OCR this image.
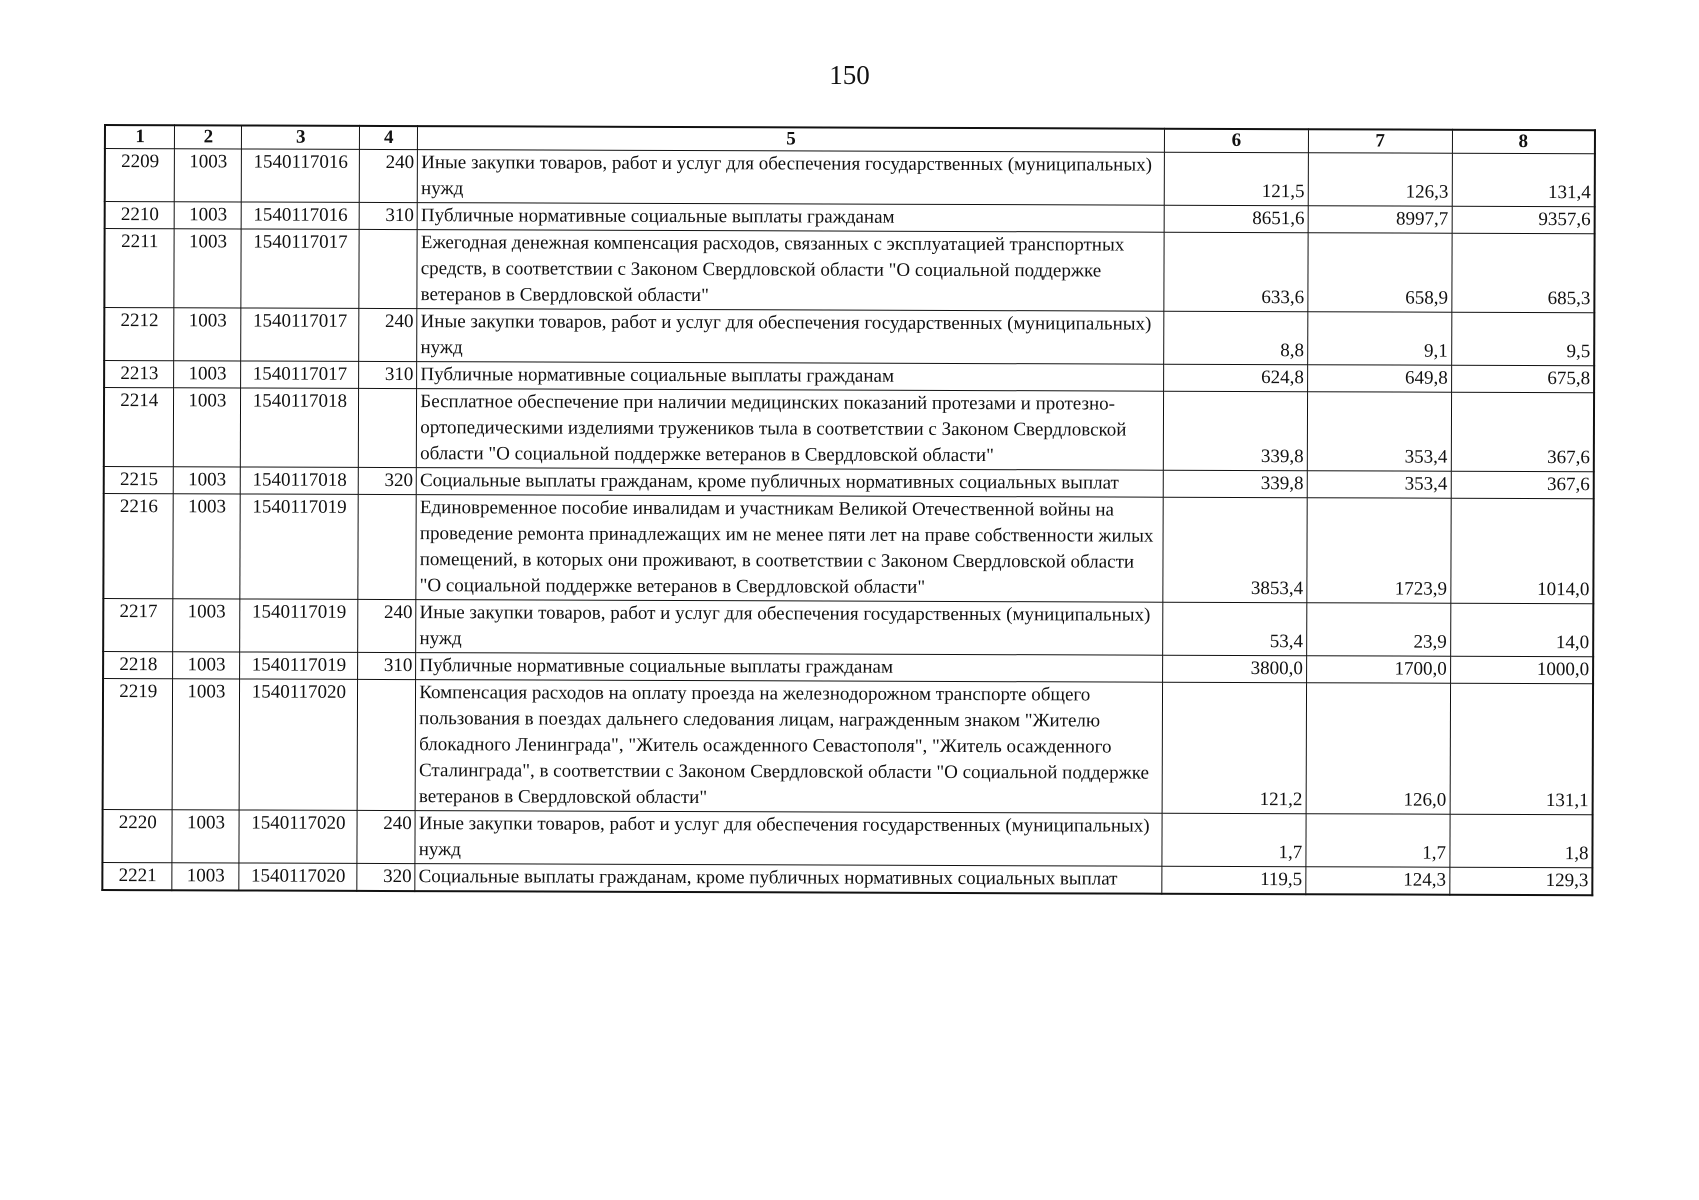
150
1	2	3	4	5	6	7	8
2209	1003	1540117016	240	Иные закупки товаров, работ и услуг для обеспечения государственных (муниципальных) нужд	121,5	126,3	131,4
2210	1003	1540117016	310	Публичные нормативные социальные выплаты гражданам	8651,6	8997,7	9357,6
2211	1003	1540117017		Ежегодная денежная компенсация расходов, связанных с эксплуатацией транспортных средств, в соответствии с Законом Свердловской области "О социальной поддержке ветеранов в Свердловской области"	633,6	658,9	685,3
2212	1003	1540117017	240	Иные закупки товаров, работ и услуг для обеспечения государственных (муниципальных) нужд	8,8	9,1	9,5
2213	1003	1540117017	310	Публичные нормативные социальные выплаты гражданам	624,8	649,8	675,8
2214	1003	1540117018		Бесплатное обеспечение при наличии медицинских показаний протезами и протезно-ортопедическими изделиями тружеников тыла в соответствии с Законом Свердловской области "О социальной поддержке ветеранов в Свердловской области"	339,8	353,4	367,6
2215	1003	1540117018	320	Социальные выплаты гражданам, кроме публичных нормативных социальных выплат	339,8	353,4	367,6
2216	1003	1540117019		Единовременное пособие инвалидам и участникам Великой Отечественной войны на проведение ремонта принадлежащих им не менее пяти лет на праве собственности жилых помещений, в которых они проживают, в соответствии с Законом Свердловской области "О социальной поддержке ветеранов в Свердловской области"	3853,4	1723,9	1014,0
2217	1003	1540117019	240	Иные закупки товаров, работ и услуг для обеспечения государственных (муниципальных) нужд	53,4	23,9	14,0
2218	1003	1540117019	310	Публичные нормативные социальные выплаты гражданам	3800,0	1700,0	1000,0
2219	1003	1540117020		Компенсация расходов на оплату проезда на железнодорожном транспорте общего пользования в поездах дальнего следования лицам, награжденным знаком "Жителю блокадного Ленинграда", "Житель осажденного Севастополя", "Житель осажденного Сталинграда", в соответствии с Законом Свердловской области "О социальной поддержке ветеранов в Свердловской области"	121,2	126,0	131,1
2220	1003	1540117020	240	Иные закупки товаров, работ и услуг для обеспечения государственных (муниципальных) нужд	1,7	1,7	1,8
2221	1003	1540117020	320	Социальные выплаты гражданам, кроме публичных нормативных социальных выплат	119,5	124,3	129,3
